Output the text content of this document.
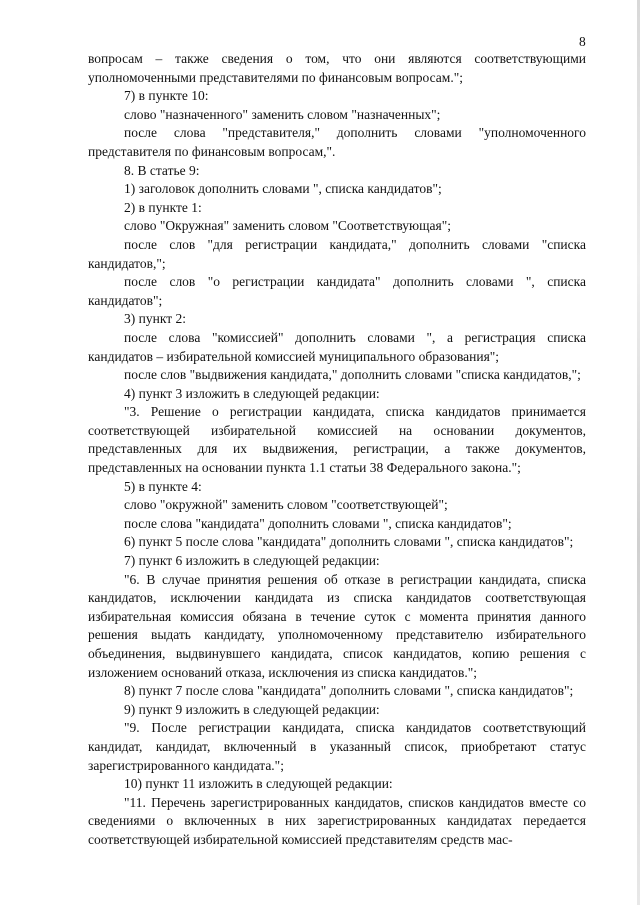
8

вопросам – также сведения о том, что они являются соответствующими уполномоченными представителями по финансовым вопросам.";

7) в пункте 10:

слово "назначенного" заменить словом "назначенных";

после слова "представителя," дополнить словами "уполномоченного представителя по финансовым вопросам,".

8. В статье 9:

1) заголовок дополнить словами ", списка кандидатов";

2) в пункте 1:

слово "Окружная" заменить словом "Соответствующая";

после слов "для регистрации кандидата," дополнить словами "списка кандидатов,";

после слов "о регистрации кандидата" дополнить словами ", списка кандидатов";

3) пункт 2:

после слова "комиссией" дополнить словами ", а регистрация списка кандидатов – избирательной комиссией муниципального образования";

после слов "выдвижения кандидата," дополнить словами "списка кандидатов,";

4) пункт 3 изложить в следующей редакции:

"3. Решение о регистрации кандидата, списка кандидатов принимается соответствующей избирательной комиссией на основании документов, представленных для их выдвижения, регистрации, а также документов, представленных на основании пункта 1.1 статьи 38 Федерального закона.";

5) в пункте 4:

слово "окружной" заменить словом "соответствующей";

после слова "кандидата" дополнить словами ", списка кандидатов";

6) пункт 5 после слова "кандидата" дополнить словами ", списка кандидатов";

7) пункт 6 изложить в следующей редакции:

"6. В случае принятия решения об отказе в регистрации кандидата, списка кандидатов, исключении кандидата из списка кандидатов соответствующая избирательная комиссия обязана в течение суток с момента принятия данного решения выдать кандидату, уполномоченному представителю избирательного объединения, выдвинувшего кандидата, список кандидатов, копию решения с изложением оснований отказа, исключения из списка кандидатов.";

8) пункт 7 после слова "кандидата" дополнить словами ", списка кандидатов";

9) пункт 9 изложить в следующей редакции:

"9. После регистрации кандидата, списка кандидатов соответствующий кандидат, кандидат, включенный в указанный список, приобретают статус зарегистрированного кандидата.";

10) пункт 11 изложить в следующей редакции:

"11. Перечень зарегистрированных кандидатов, списков кандидатов вместе со сведениями о включенных в них зарегистрированных кандидатах передается соответствующей избирательной комиссией представителям средств мас-
